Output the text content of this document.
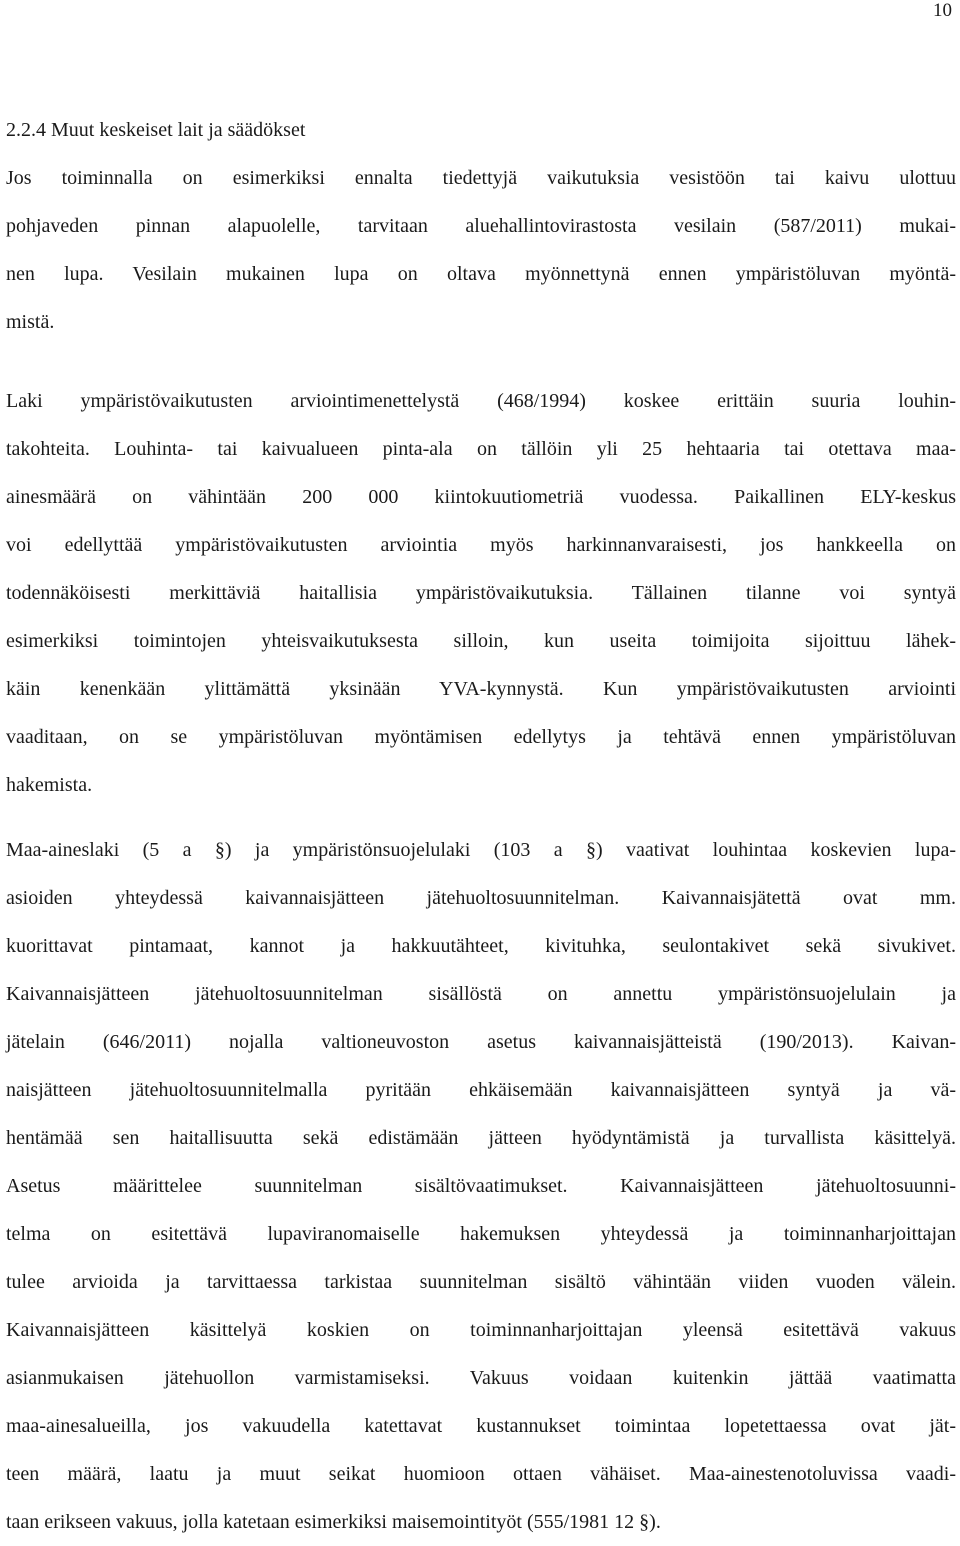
10
2.2.4 Muut keskeiset lait ja säädökset
Jos toiminnalla on esimerkiksi ennalta tiedettyjä vaikutuksia vesistöön tai kaivu ulottuu
pohjaveden pinnan alapuolelle, tarvitaan aluehallintovirastosta vesilain (587/2011) mukai-
nen lupa. Vesilain mukainen lupa on oltava myönnettynä ennen ympäristöluvan myöntä-
mistä.
Laki ympäristövaikutusten arviointimenettelystä (468/1994) koskee erittäin suuria louhin-
takohteita. Louhinta- tai kaivualueen pinta-ala on tällöin yli 25 hehtaaria tai otettava maa-
ainesmäärä on vähintään 200 000 kiintokuutiometriä vuodessa. Paikallinen ELY-keskus
voi edellyttää ympäristövaikutusten arviointia myös harkinnanvaraisesti, jos hankkeella on
todennäköisesti merkittäviä haitallisia ympäristövaikutuksia. Tällainen tilanne voi syntyä
esimerkiksi toimintojen yhteisvaikutuksesta silloin, kun useita toimijoita sijoittuu lähek-
käin kenenkään ylittämättä yksinään YVA-kynnystä. Kun ympäristövaikutusten arviointi
vaaditaan, on se ympäristöluvan myöntämisen edellytys ja tehtävä ennen ympäristöluvan
hakemista.
Maa-aineslaki (5 a §) ja ympäristönsuojelulaki (103 a §) vaativat louhintaa koskevien lupa-
asioiden yhteydessä kaivannaisjätteen jätehuoltosuunnitelman. Kaivannaisjätettä ovat mm.
kuorittavat pintamaat, kannot ja hakkuutähteet, kivituhka, seulontakivet sekä sivukivet.
Kaivannaisjätteen jätehuoltosuunnitelman sisällöstä on annettu ympäristönsuojelulain ja
jätelain (646/2011) nojalla valtioneuvoston asetus kaivannaisjätteistä (190/2013). Kaivan-
naisjätteen jätehuoltosuunnitelmalla pyritään ehkäisemään kaivannaisjätteen syntyä ja vä-
hentämää sen haitallisuutta sekä edistämään jätteen hyödyntämistä ja turvallista käsittelyä.
Asetus määrittelee suunnitelman sisältövaatimukset. Kaivannaisjätteen jätehuoltosuunni-
telma on esitettävä lupaviranomaiselle hakemuksen yhteydessä ja toiminnanharjoittajan
tulee arvioida ja tarvittaessa tarkistaa suunnitelman sisältö vähintään viiden vuoden välein.
Kaivannaisjätteen käsittelyä koskien on toiminnanharjoittajan yleensä esitettävä vakuus
asianmukaisen jätehuollon varmistamiseksi. Vakuus voidaan kuitenkin jättää vaatimatta
maa-ainesalueilla, jos vakuudella katettavat kustannukset toimintaa lopetettaessa ovat jät-
teen määrä, laatu ja muut seikat huomioon ottaen vähäiset. Maa-ainestenotoluvissa vaadi-
taan erikseen vakuus, jolla katetaan esimerkiksi maisemointityöt (555/1981 12 §).
